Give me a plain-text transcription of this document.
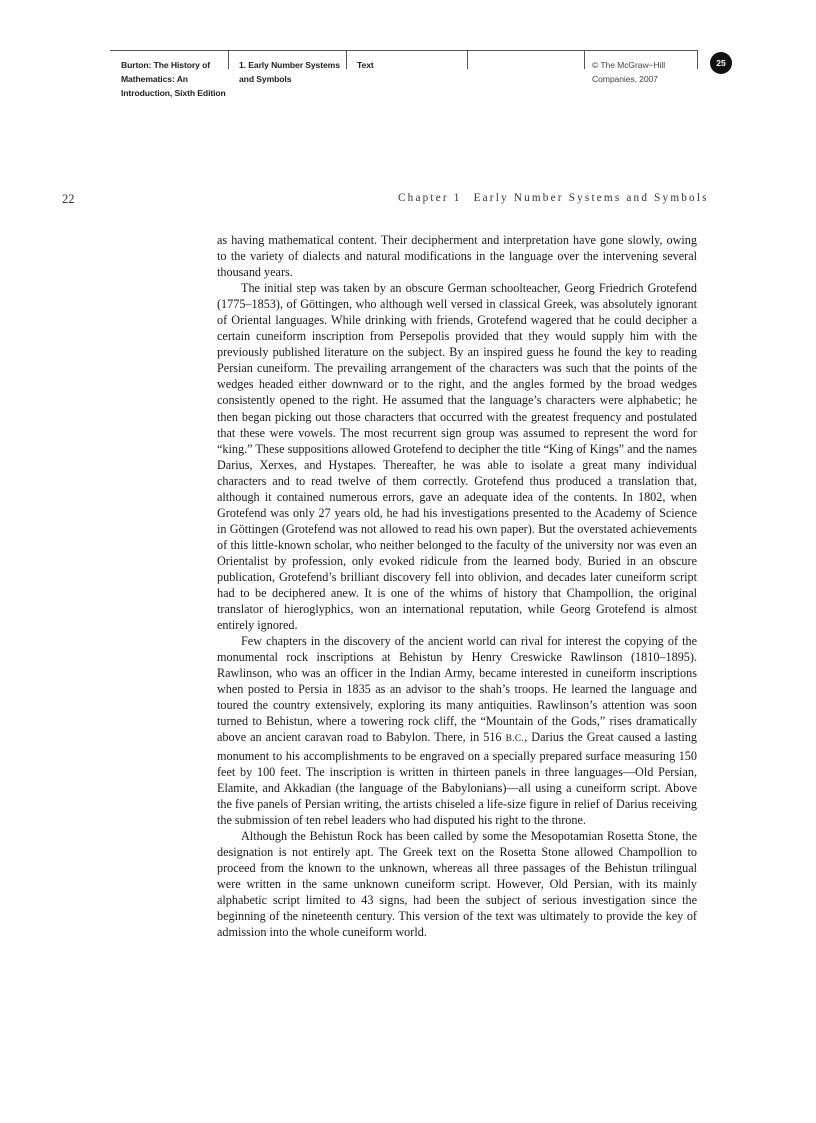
Burton: The History of
Mathematics: An
Introduction, Sixth Edition
1. Early Number Systems
and Symbols
Text	© The McGraw−Hill
Companies, 2007
25
22	Chapter 1 Early Number Systems and Symbols

as having mathematical content. Their decipherment and interpretation have gone slowly, owing to the variety of dialects and natural modifications in the language over the intervening several thousand years.

The initial step was taken by an obscure German schoolteacher, Georg Friedrich Grotefend (1775–1853), of Göttingen, who although well versed in classical Greek, was absolutely ignorant of Oriental languages. While drinking with friends, Grotefend wagered that he could decipher a certain cuneiform inscription from Persepolis provided that they would supply him with the previously published literature on the subject. By an inspired guess he found the key to reading Persian cuneiform. The prevailing arrangement of the characters was such that the points of the wedges headed either downward or to the right, and the angles formed by the broad wedges consistently opened to the right. He assumed that the language’s characters were alphabetic; he then began picking out those characters that occurred with the greatest frequency and postulated that these were vowels. The most recurrent sign group was assumed to represent the word for “king.” These suppositions allowed Grotefend to decipher the title “King of Kings” and the names Darius, Xerxes, and Hystapes. Thereafter, he was able to isolate a great many individual characters and to read twelve of them correctly. Grotefend thus produced a translation that, although it contained numerous errors, gave an adequate idea of the contents. In 1802, when Grotefend was only 27 years old, he had his investigations presented to the Academy of Science in Göttingen (Grotefend was not allowed to read his own paper). But the overstated achievements of this little-known scholar, who neither belonged to the faculty of the university nor was even an Orientalist by profession, only evoked ridicule from the learned body. Buried in an obscure publication, Grotefend’s brilliant discovery fell into oblivion, and decades later cuneiform script had to be deciphered anew. It is one of the whims of history that Champollion, the original translator of hieroglyphics, won an international reputation, while Georg Grotefend is almost entirely ignored.

Few chapters in the discovery of the ancient world can rival for interest the copying of the monumental rock inscriptions at Behistun by Henry Creswicke Rawlinson (1810–1895). Rawlinson, who was an officer in the Indian Army, became interested in cuneiform inscriptions when posted to Persia in 1835 as an advisor to the shah’s troops. He learned the language and toured the country extensively, exploring its many antiquities. Rawlinson’s attention was soon turned to Behistun, where a towering rock cliff, the “Mountain of the Gods,” rises dramatically above an ancient caravan road to Babylon. There, in 516 B.C., Darius the Great caused a lasting monument to his accomplishments to be engraved on a specially prepared surface measuring 150 feet by 100 feet. The inscription is written in thirteen panels in three languages—Old Persian, Elamite, and Akkadian (the language of the Babylonians)—all using a cuneiform script. Above the five panels of Persian writing, the artists chiseled a life-size figure in relief of Darius receiving the submission of ten rebel leaders who had disputed his right to the throne.

Although the Behistun Rock has been called by some the Mesopotamian Rosetta Stone, the designation is not entirely apt. The Greek text on the Rosetta Stone allowed Champollion to proceed from the known to the unknown, whereas all three passages of the Behistun trilingual were written in the same unknown cuneiform script. However, Old Persian, with its mainly alphabetic script limited to 43 signs, had been the subject of serious investigation since the beginning of the nineteenth century. This version of the text was ultimately to provide the key of admission into the whole cuneiform world.
